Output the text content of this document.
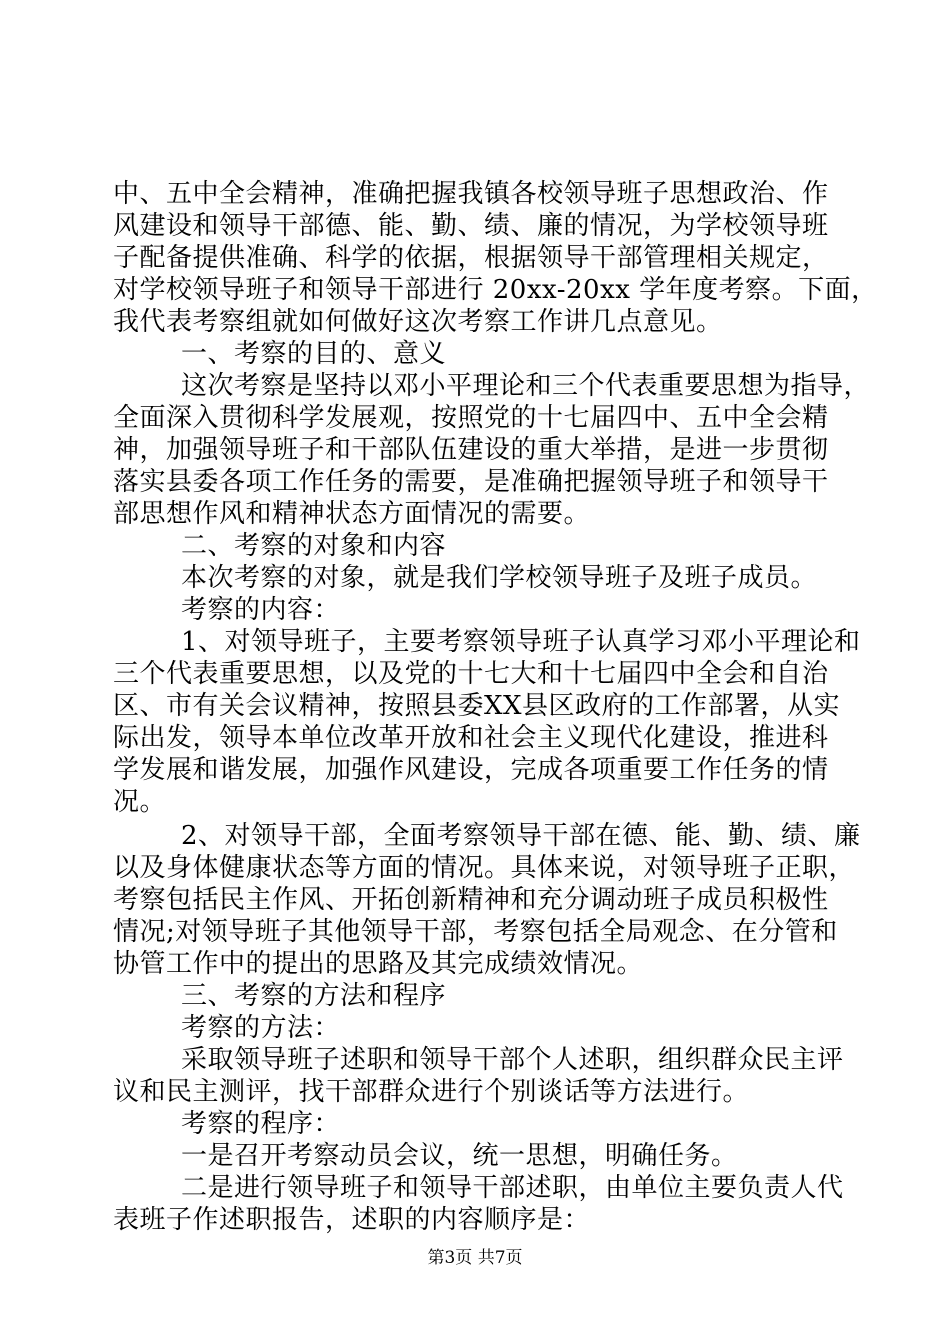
中、五中全会精神，准确把握我镇各校领导班子思想政治、作
风建设和领导干部德、能、勤、绩、廉的情况，为学校领导班
子配备提供准确、科学的依据，根据领导干部管理相关规定，
对学校领导班子和领导干部进行 20xx-20xx 学年度考察。下面，
我代表考察组就如何做好这次考察工作讲几点意见。
一、考察的目的、意义
这次考察是坚持以邓小平理论和三个代表重要思想为指导，
全面深入贯彻科学发展观，按照党的十七届四中、五中全会精
神，加强领导班子和干部队伍建设的重大举措，是进一步贯彻
落实县委各项工作任务的需要，是准确把握领导班子和领导干
部思想作风和精神状态方面情况的需要。
二、考察的对象和内容
本次考察的对象，就是我们学校领导班子及班子成员。
考察的内容：
1、对领导班子，主要考察领导班子认真学习邓小平理论和
三个代表重要思想，以及党的十七大和十七届四中全会和自治
区、市有关会议精神，按照县委XX县区政府的工作部署，从实
际出发，领导本单位改革开放和社会主义现代化建设，推进科
学发展和谐发展，加强作风建设，完成各项重要工作任务的情
况。
2、对领导干部，全面考察领导干部在德、能、勤、绩、廉
以及身体健康状态等方面的情况。具体来说，对领导班子正职，
考察包括民主作风、开拓创新精神和充分调动班子成员积极性
情况;对领导班子其他领导干部，考察包括全局观念、在分管和
协管工作中的提出的思路及其完成绩效情况。
三、考察的方法和程序
考察的方法：
采取领导班子述职和领导干部个人述职，组织群众民主评
议和民主测评，找干部群众进行个别谈话等方法进行。
考察的程序：
一是召开考察动员会议，统一思想，明确任务。
二是进行领导班子和领导干部述职，由单位主要负责人代
表班子作述职报告，述职的内容顺序是：
第3页 共7页
